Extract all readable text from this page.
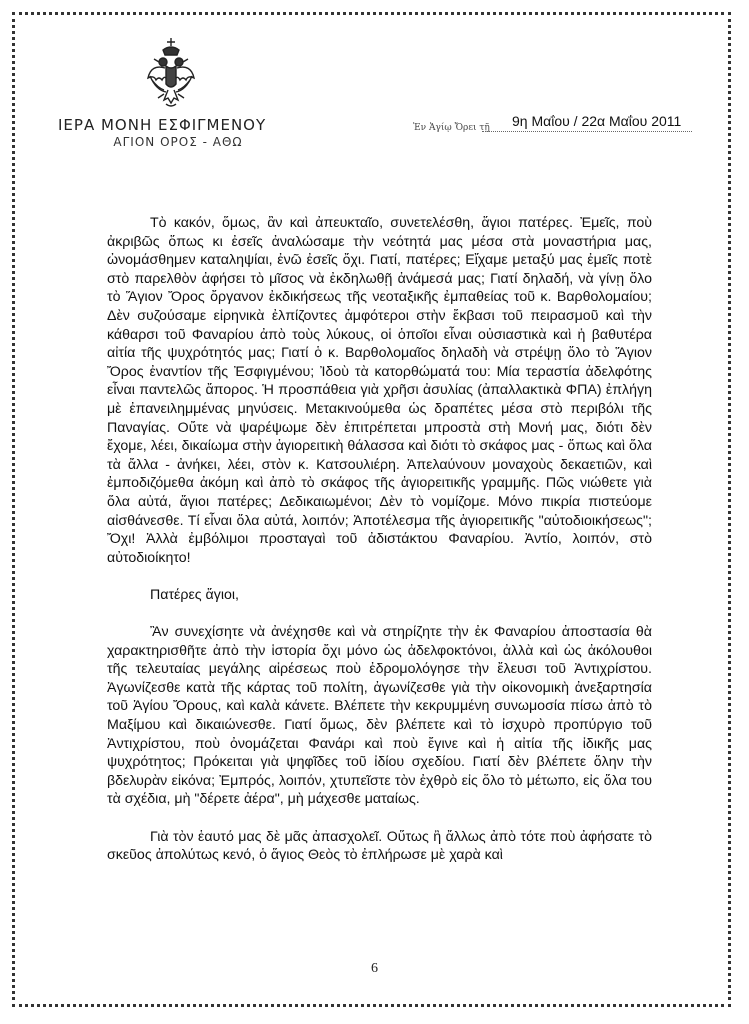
ΙΕΡΑ ΜΟΝΗ ΕΣΦΙΓΜΕΝΟΥ
ΑΓΙΟΝ ΟΡΟΣ - ΑΘΩ
Ἐν Ἁγίῳ Ὄρει τῇ 9η Μαΐου / 22α Μαΐου 2011

Τὸ κακόν, ὅμως, ἂν καὶ ἀπευκταῖο, συνετελέσθη, ἅγιοι πατέρες. Ἐμεῖς, ποὺ ἀκριβῶς ὅπως κι ἐσεῖς ἀναλώσαμε τὴν νεότητά μας μέσα στὰ μοναστήρια μας, ὠνομάσθημεν καταληψίαι, ἐνῶ ἐσεῖς ὄχι. Γιατί, πατέρες; Εἴχαμε μεταξύ μας ἐμεῖς ποτὲ στὸ παρελθὸν ἀφήσει τὸ μῖσος νὰ ἐκδηλωθῇ ἀνάμεσά μας; Γιατί δηλαδή, νὰ γίνῃ ὅλο τὸ Ἅγιον Ὄρος ὄργανον ἐκδικήσεως τῆς νεοταξικῆς ἐμπαθείας τοῦ κ. Βαρθολομαίου; Δὲν συζούσαμε εἰρηνικὰ ἐλπίζοντες ἀμφότεροι στὴν ἔκβασι τοῦ πειρασμοῦ καὶ τὴν κάθαρσι τοῦ Φαναρίου ἀπὸ τοὺς λύκους, οἱ ὁποῖοι εἶναι οὐσιαστικὰ καὶ ἡ βαθυτέρα αἰτία τῆς ψυχρότητός μας; Γιατί ὁ κ. Βαρθολομαῖος δηλαδὴ νὰ στρέψῃ ὅλο τὸ Ἅγιον Ὄρος ἐναντίον τῆς Ἐσφιγμένου; Ἰδοὺ τὰ κατορθώματά του: Μία τεραστία ἀδελφότης εἶναι παντελῶς ἄπορος. Ἡ προσπάθεια γιὰ χρῆσι ἀσυλίας (ἀπαλλακτικὰ ΦΠΑ) ἐπλήγη μὲ ἐπανειλημμένας μηνύσεις. Μετακινούμεθα ὡς δραπέτες μέσα στὸ περιβόλι τῆς Παναγίας. Οὔτε νὰ ψαρέψωμε δὲν ἐπιτρέπεται μπροστὰ στὴ Μονή μας, διότι δὲν ἔχομε, λέει, δικαίωμα στὴν ἁγιορειτικὴ θάλασσα καὶ διότι τὸ σκάφος μας - ὅπως καὶ ὅλα τὰ ἄλλα - ἀνήκει, λέει, στὸν κ. Κατσουλιέρη. Ἀπελαύνουν μοναχοὺς δεκαετιῶν, καὶ ἐμποδιζόμεθα ἀκόμη καὶ ἀπὸ τὸ σκάφος τῆς ἁγιορειτικῆς γραμμῆς. Πῶς νιώθετε γιὰ ὅλα αὐτά, ἅγιοι πατέρες; Δεδικαιωμένοι; Δὲν τὸ νομίζομε. Μόνο πικρία πιστεύομε αἰσθάνεσθε. Τί εἶναι ὅλα αὐτά, λοιπόν; Ἀποτέλεσμα τῆς ἁγιορειτικῆς "αὐτοδιοικήσεως"; Ὄχι! Ἀλλὰ ἐμβόλιμοι προσταγαὶ τοῦ ἀδιστάκτου Φαναρίου. Ἀντίο, λοιπόν, στὸ αὐτοδιοίκητο!

Πατέρες ἅγιοι,

Ἂν συνεχίσητε νὰ ἀνέχησθε καὶ νὰ στηρίζητε τὴν ἐκ Φαναρίου ἀποστασία θὰ χαρακτηρισθῆτε ἀπὸ τὴν ἱστορία ὄχι μόνο ὡς ἀδελφοκτόνοι, ἀλλὰ καὶ ὡς ἀκόλουθοι τῆς τελευταίας μεγάλης αἱρέσεως ποὺ ἐδρομολόγησε τὴν ἔλευσι τοῦ Ἀντιχρίστου. Ἀγωνίζεσθε κατὰ τῆς κάρτας τοῦ πολίτη, ἀγωνίζεσθε γιὰ τὴν οἰκονομικὴ ἀνεξαρτησία τοῦ Ἁγίου Ὄρους, καὶ καλὰ κάνετε. Βλέπετε τὴν κεκρυμμένη συνωμοσία πίσω ἀπὸ τὸ Μαξίμου καὶ δικαιώνεσθε. Γιατί ὅμως, δὲν βλέπετε καὶ τὸ ἰσχυρὸ προπύργιο τοῦ Ἀντιχρίστου, ποὺ ὀνομάζεται Φανάρι καὶ ποὺ ἔγινε καὶ ἡ αἰτία τῆς ἰδικῆς μας ψυχρότητος; Πρόκειται γιὰ ψηφῖδες τοῦ ἰδίου σχεδίου. Γιατί δὲν βλέπετε ὅλην τὴν βδελυρὰν εἰκόνα; Ἐμπρός, λοιπόν, χτυπεῖστε τὸν ἐχθρὸ εἰς ὅλο τὸ μέτωπο, εἰς ὅλα του τὰ σχέδια, μὴ "δέρετε ἀέρα", μὴ μάχεσθε ματαίως.

Γιὰ τὸν ἑαυτό μας δὲ μᾶς ἀπασχολεῖ. Οὕτως ἢ ἄλλως ἀπὸ τότε ποὺ ἀφήσατε τὸ σκεῦος ἀπολύτως κενό, ὁ ἅγιος Θεὸς τὸ ἐπλήρωσε μὲ χαρὰ καὶ

6
